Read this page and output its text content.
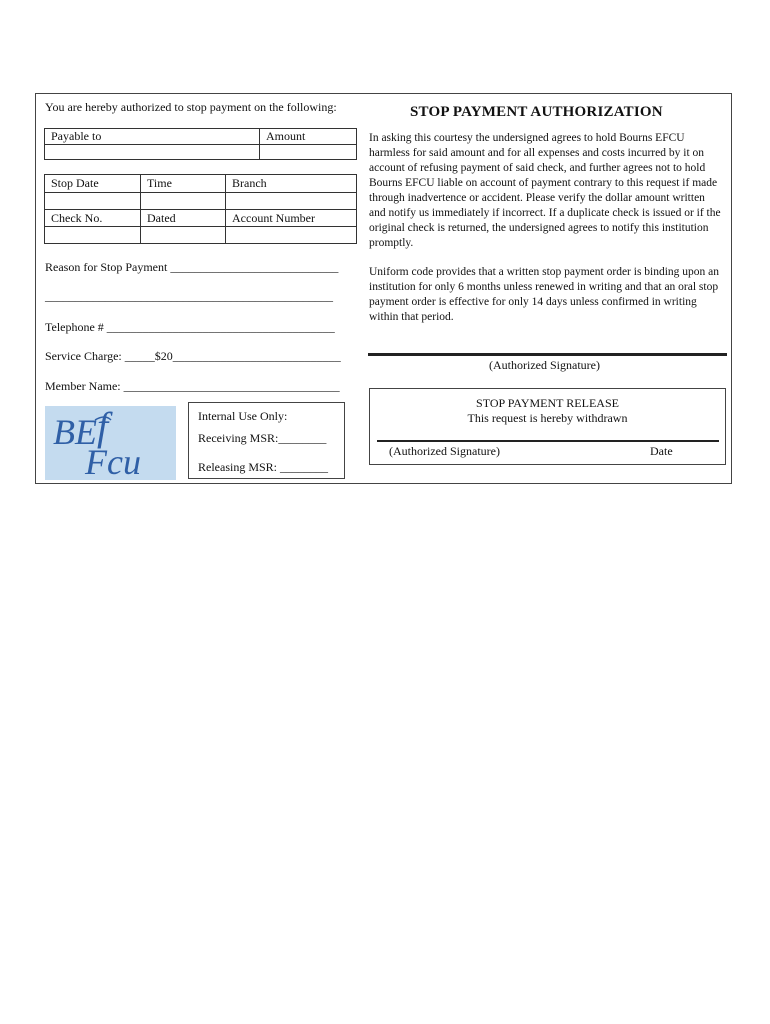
You are hereby authorized to stop payment on the following:
Payable to	Amount

Stop Date	Time	Branch

Check No.	Dated	Account Number

Reason for Stop Payment ____________________________
________________________________________________
Telephone # ______________________________________
Service Charge: _____$20____________________________
Member Name: ____________________________________
BE f
Fcu
Internal Use Only:
Receiving MSR:________
Releasing MSR: ________
STOP PAYMENT AUTHORIZATION
In asking this courtesy the undersigned agrees to hold Bourns EFCU harmless for said amount and for all expenses and costs incurred by it on account of refusing payment of said check, and further agrees not to hold Bourns EFCU liable on account of payment contrary to this request if made through inadvertence or accident. Please verify the dollar amount written and notify us immediately if incorrect. If a duplicate check is issued or if the original check is returned, the undersigned agrees to notify this institution promptly.
Uniform code provides that a written stop payment order is binding upon an institution for only 6 months unless renewed in writing and that an oral stop payment order is effective for only 14 days unless confirmed in writing within that period.
(Authorized Signature)
STOP PAYMENT RELEASE
This request is hereby withdrawn
(Authorized Signature)	Date
